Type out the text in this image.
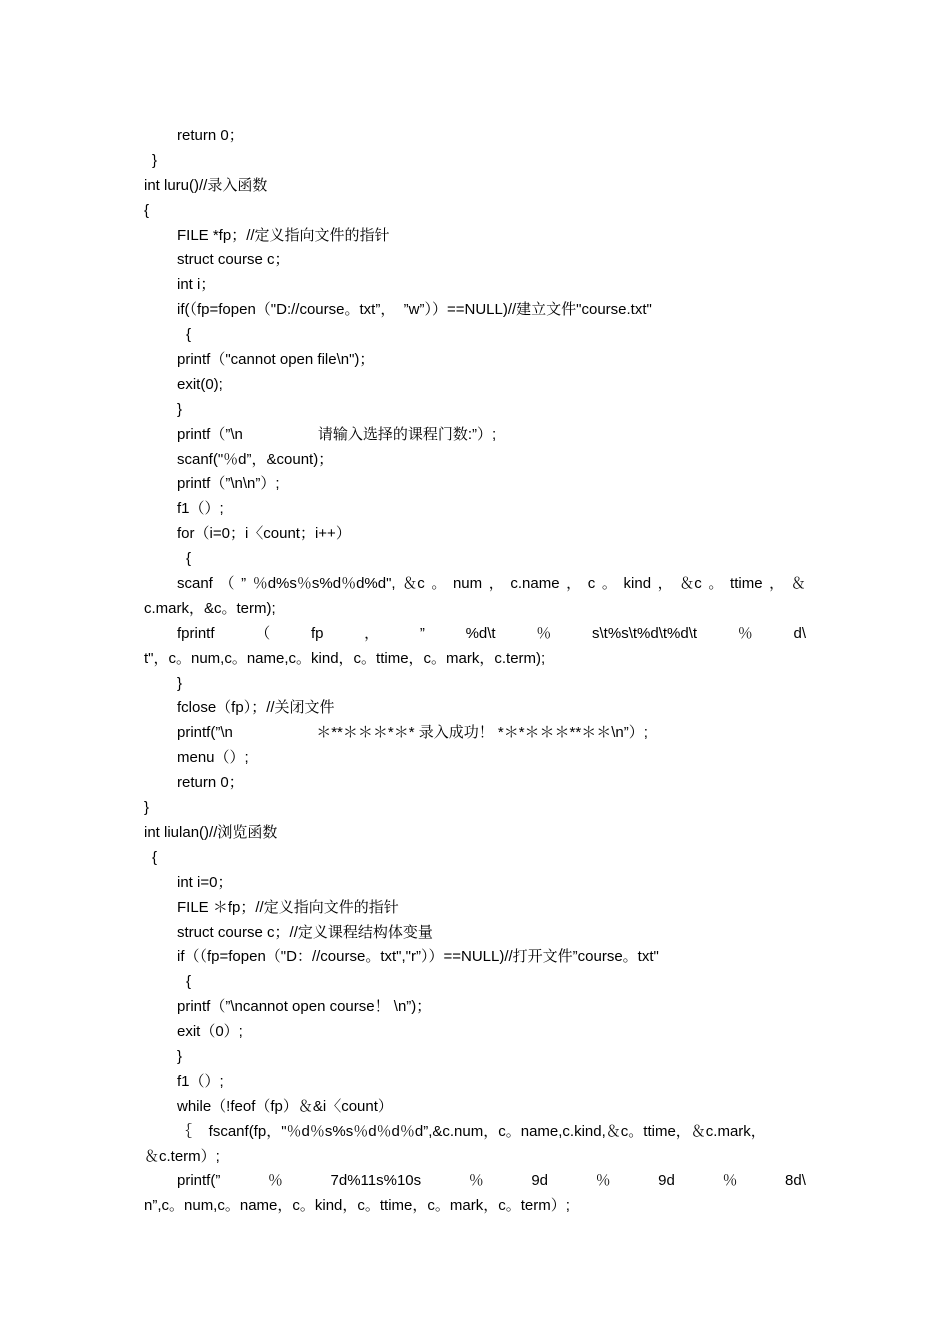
return 0；
}
int luru()//录入函数
{
FILE *fp；//定义指向文件的指针
struct course c；
int i；
if(（fp=fopen（"D://course。txt”，  ”w”））==NULL)//建立文件"course.txt"
{
printf（"cannot open file\n")；
exit(0);
}
printf（”\n                  请输入选择的课程门数:”）;
scanf("％d”，&count)；
printf（”\n\n”）;
f1（）;
for（i=0；i〈count；i++）
{
scanf （ ” ％d%s％s%d％d%d", ＆c 。 num ， c.name ， c 。 kind ， ＆c 。 ttime ， ＆
c.mark，&c。term);
fprintf	（	fp	，	”	%d\t	％	s\t%s\t%d\t%d\t	％	d\
t"，c。num,c。name,c。kind，c。ttime，c。mark，c.term);
}
fclose（fp）；//关闭文件
printf(”\n                    ＊**＊＊＊*＊* 录入成功！ *＊*＊＊＊**＊＊\n”）;
menu（）;
return 0；
}
int liulan()//浏览函数
{
int i=0；
FILE ＊fp；//定义指向文件的指针
struct course c；//定义课程结构体变量
if（（fp=fopen（"D：//course。txt","r”））==NULL)//打开文件”course。txt"
{
printf（”\ncannot open course！ \n”)；
exit（0）;
}
f1（）;
while（!feof（fp）＆&i〈count）
｛    fscanf(fp，"％d％s%s％d％d％d”,&c.num，c。name,c.kind,＆c。ttime，＆c.mark，
＆c.term）;
printf(”	％	7d%11s%10s	％	9d	％	9d	％	8d\
n”,c。num,c。name，c。kind，c。ttime，c。mark，c。term）;
